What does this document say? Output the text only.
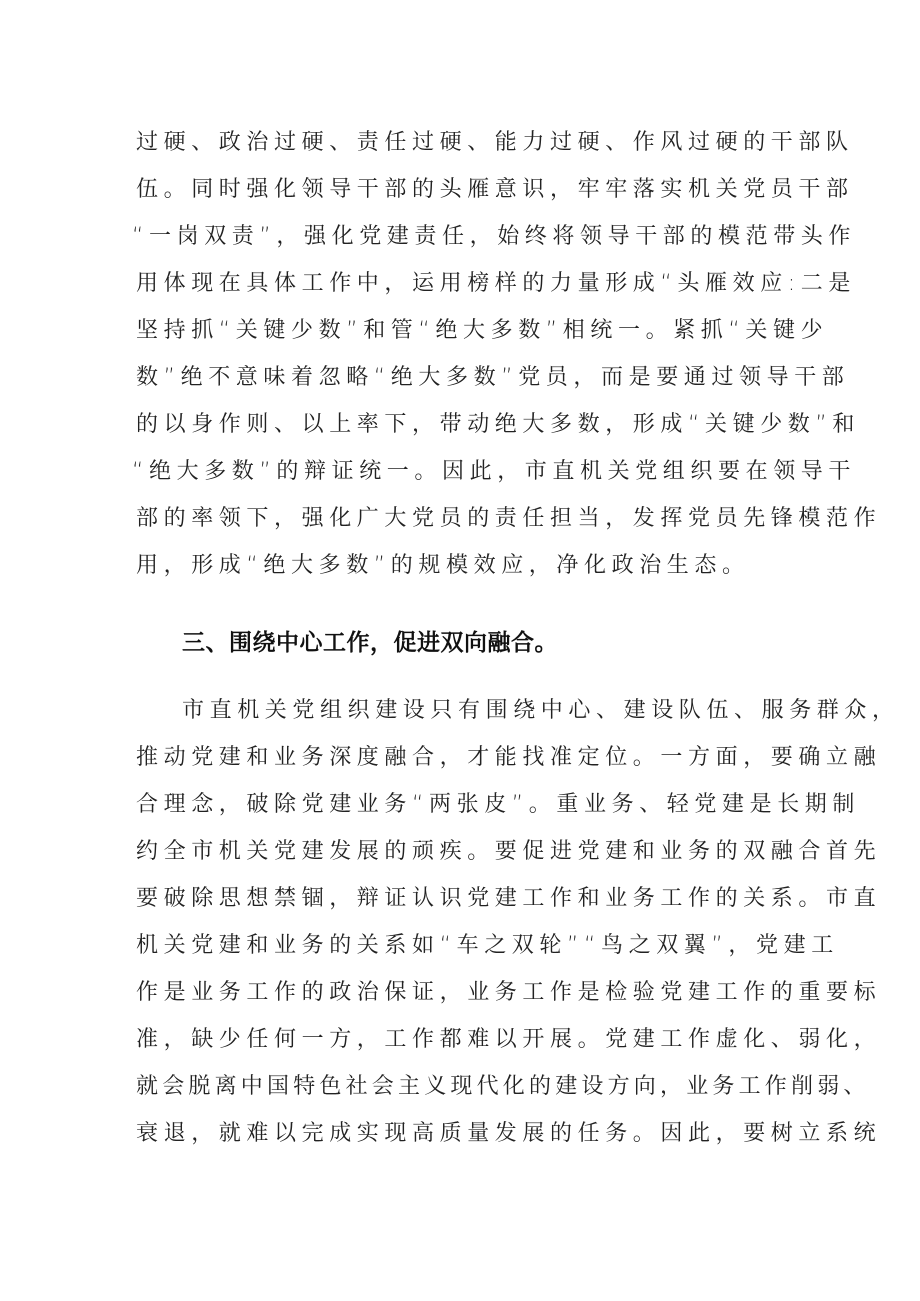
过硬、政治过硬、责任过硬、能力过硬、作风过硬的干部队
伍。同时强化领导干部的头雁意识，牢牢落实机关党员干部
“一岗双责”，强化党建责任，始终将领导干部的模范带头作
用体现在具体工作中，运用榜样的力量形成“头雁效应:二是
坚持抓“关键少数”和管“绝大多数”相统一。紧抓“关键少
数”绝不意味着忽略“绝大多数”党员，而是要通过领导干部
的以身作则、以上率下，带动绝大多数，形成“关键少数”和
“绝大多数”的辩证统一。因此，市直机关党组织要在领导干
部的率领下，强化广大党员的责任担当，发挥党员先锋模范作
用，形成“绝大多数”的规模效应，净化政治生态。
三、围绕中心工作，促进双向融合。
市直机关党组织建设只有围绕中心、建设队伍、服务群众，
推动党建和业务深度融合，才能找准定位。一方面，要确立融
合理念，破除党建业务“两张皮”。重业务、轻党建是长期制
约全市机关党建发展的顽疾。要促进党建和业务的双融合首先
要破除思想禁锢，辩证认识党建工作和业务工作的关系。市直
机关党建和业务的关系如“车之双轮”“鸟之双翼”，党建工
作是业务工作的政治保证，业务工作是检验党建工作的重要标
准，缺少任何一方，工作都难以开展。党建工作虚化、弱化，
就会脱离中国特色社会主义现代化的建设方向，业务工作削弱、
衰退，就难以完成实现高质量发展的任务。因此，要树立系统
